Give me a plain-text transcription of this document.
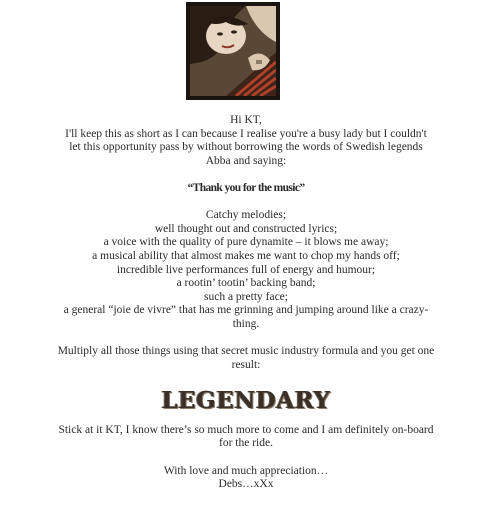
Hi KT,
I'll keep this as short as I can because I realise you're a busy lady but I couldn't
let this opportunity pass by without borrowing the words of Swedish legends
Abba and saying:
“Thank you for the music”
Catchy melodies;
well thought out and constructed lyrics;
a voice with the quality of pure dynamite – it blows me away;
a musical ability that almost makes me want to chop my hands off;
incredible live performances full of energy and humour;
a rootin’ tootin’ backing band;
such a pretty face;
a general “joie de vivre” that has me grinning and jumping around like a crazy-
thing.
Multiply all those things using that secret music industry formula and you get one
result:
LEGENDARY
Stick at it KT, I know there’s so much more to come and I am definitely on-board
for the ride.
With love and much appreciation…
Debs…xXx
